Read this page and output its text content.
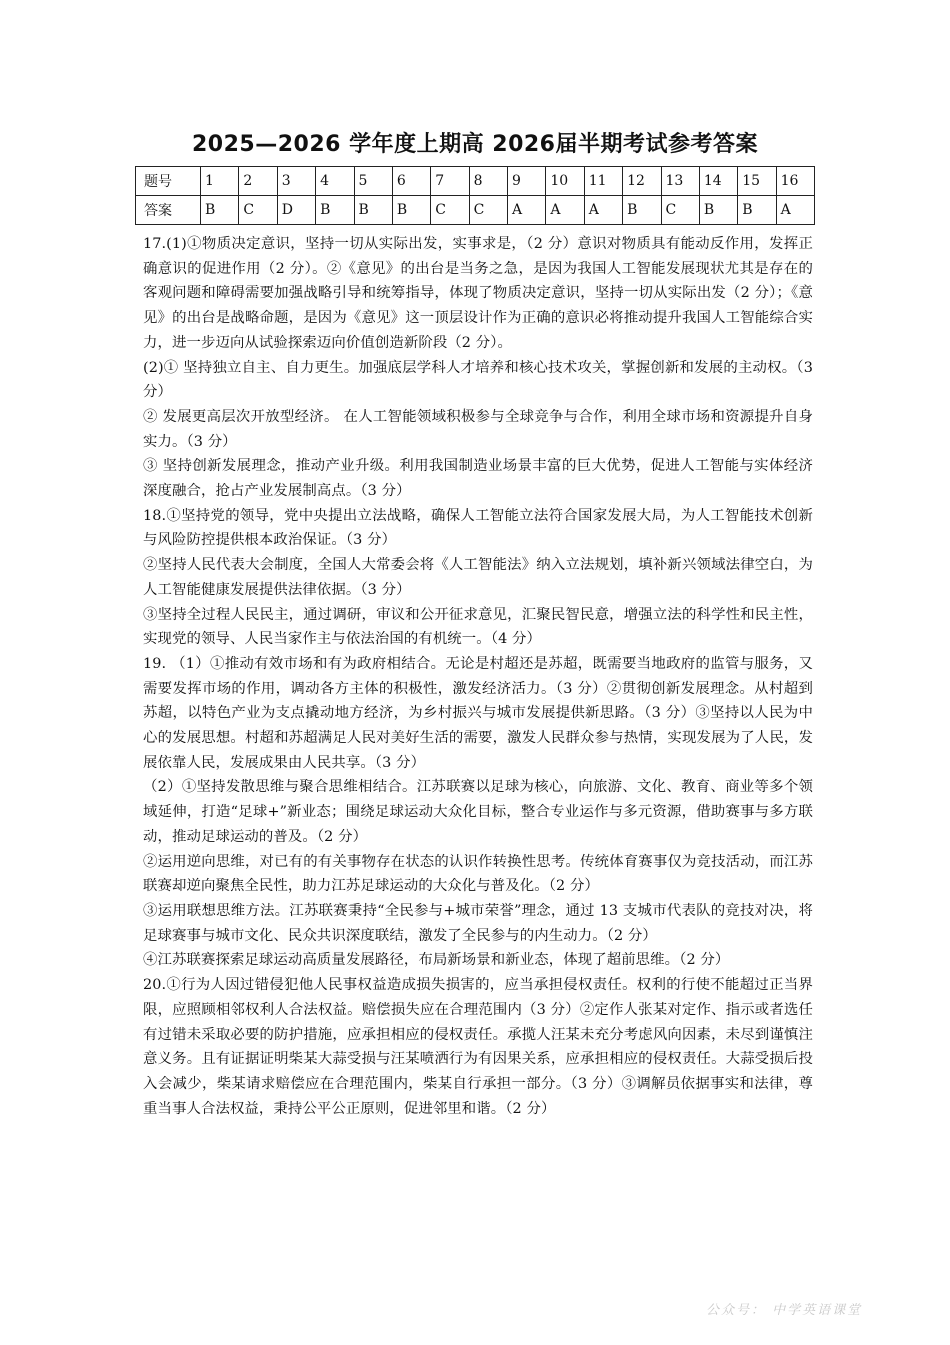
2025—2026 学年度上期高 2026届半期考试参考答案
题号	1	2	3	4	5	6	7	8	9	10	11	12	13	14	15	16
答案	B	C	D	B	B	B	C	C	A	A	A	B	C	B	B	A

17.(1)①物质决定意识，坚持一切从实际出发，实事求是，（2 分）意识对物质具有能动反作用，发挥正确意识的促进作用（2 分）。②《意见》的出台是当务之急，是因为我国人工智能发展现状尤其是存在的客观问题和障碍需要加强战略引导和统筹指导，体现了物质决定意识，坚持一切从实际出发（2 分）；《意见》的出台是战略命题，是因为《意见》这一顶层设计作为正确的意识必将推动提升我国人工智能综合实力，进一步迈向从试验探索迈向价值创造新阶段（2 分）。

(2)① 坚持独立自主、自力更生。加强底层学科人才培养和核心技术攻关，掌握创新和发展的主动权。（3 分）

② 发展更高层次开放型经济。 在人工智能领域积极参与全球竞争与合作，利用全球市场和资源提升自身实力。（3 分）

③ 坚持创新发展理念，推动产业升级。利用我国制造业场景丰富的巨大优势，促进人工智能与实体经济深度融合，抢占产业发展制高点。（3 分）

18.①坚持党的领导，党中央提出立法战略，确保人工智能立法符合国家发展大局，为人工智能技术创新与风险防控提供根本政治保证。（3 分）

②坚持人民代表大会制度，全国人大常委会将《人工智能法》纳入立法规划，填补新兴领域法律空白，为人工智能健康发展提供法律依据。（3 分）

③坚持全过程人民民主，通过调研，审议和公开征求意见，汇聚民智民意，增强立法的科学性和民主性，实现党的领导、人民当家作主与依法治国的有机统一。（4 分）

19. （1）①推动有效市场和有为政府相结合。无论是村超还是苏超，既需要当地政府的监管与服务，又需要发挥市场的作用，调动各方主体的积极性，激发经济活力。（3 分）②贯彻创新发展理念。从村超到苏超，以特色产业为支点撬动地方经济，为乡村振兴与城市发展提供新思路。（3 分）③坚持以人民为中心的发展思想。村超和苏超满足人民对美好生活的需要，激发人民群众参与热情，实现发展为了人民，发展依靠人民，发展成果由人民共享。（3 分）

（2）①坚持发散思维与聚合思维相结合。江苏联赛以足球为核心，向旅游、文化、教育、商业等多个领域延伸，打造“足球+”新业态；围绕足球运动大众化目标，整合专业运作与多元资源，借助赛事与多方联动，推动足球运动的普及。（2 分）

②运用逆向思维，对已有的有关事物存在状态的认识作转换性思考。传统体育赛事仅为竞技活动，而江苏联赛却逆向聚焦全民性，助力江苏足球运动的大众化与普及化。（2 分）

③运用联想思维方法。江苏联赛秉持“全民参与+城市荣誉”理念，通过 13 支城市代表队的竞技对决，将足球赛事与城市文化、民众共识深度联结，激发了全民参与的内生动力。（2 分）

④江苏联赛探索足球运动高质量发展路径，布局新场景和新业态，体现了超前思维。（2 分）

20.①行为人因过错侵犯他人民事权益造成损失损害的，应当承担侵权责任。权利的行使不能超过正当界限，应照顾相邻权利人合法权益。赔偿损失应在合理范围内（3 分）②定作人张某对定作、指示或者选任有过错未采取必要的防护措施，应承担相应的侵权责任。承揽人汪某未充分考虑风向因素，未尽到谨慎注意义务。且有证据证明柴某大蒜受损与汪某喷洒行为有因果关系，应承担相应的侵权责任。大蒜受损后投入会减少，柴某请求赔偿应在合理范围内，柴某自行承担一部分。（3 分）③调解员依据事实和法律，尊重当事人合法权益，秉持公平公正原则，促进邻里和谐。（2 分）

公众号： 中学英语课堂
